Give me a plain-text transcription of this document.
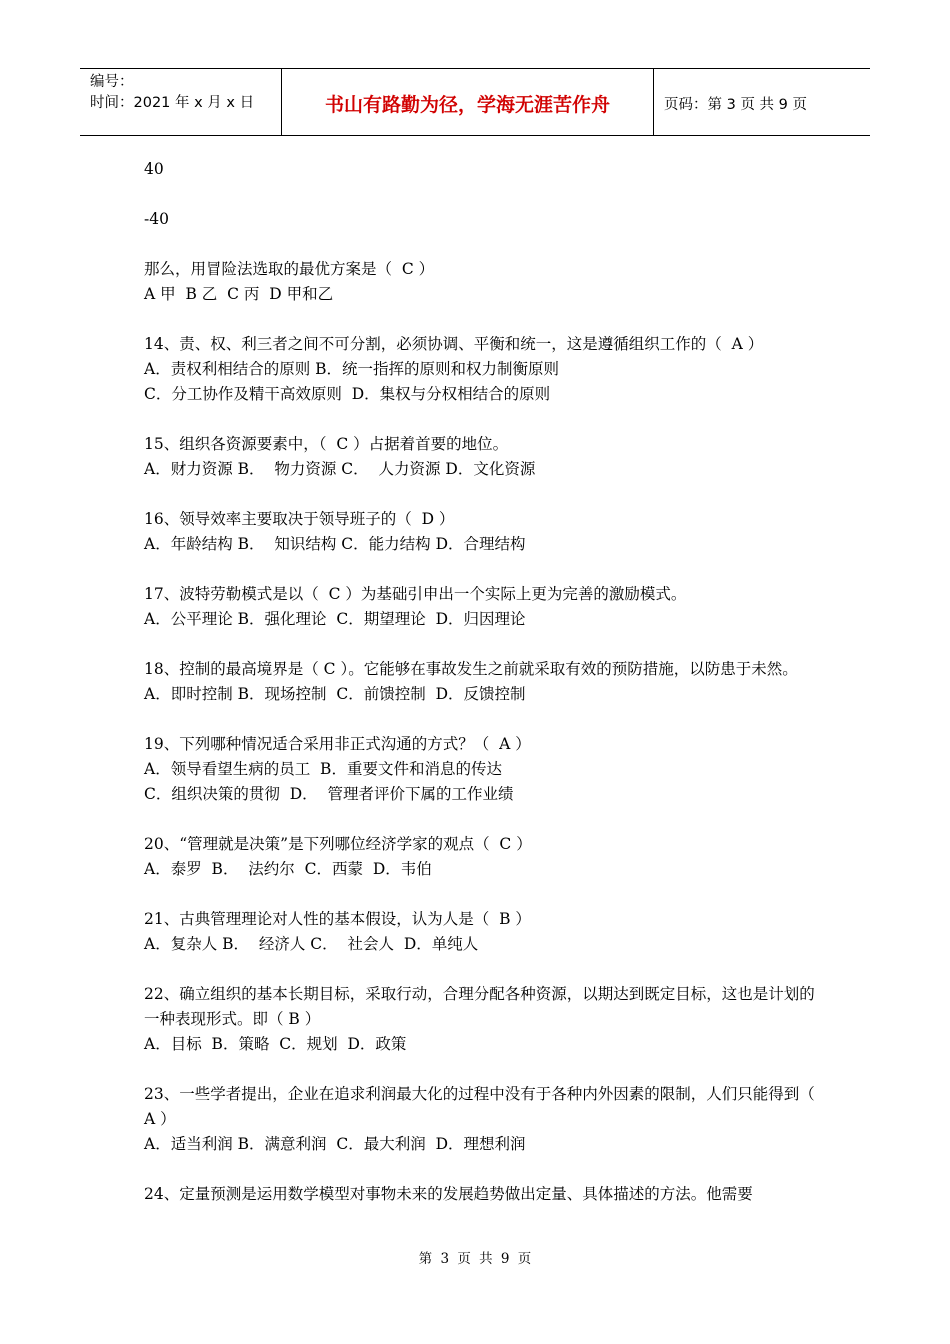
编号：
时间：2021 年 x 月 x 日	书山有路勤为径，学海无涯苦作舟	页码：第 3 页 共 9 页
40
-40
那么，用冒险法选取的最优方案是（  C ）
A 甲  B 乙  C 丙  D 甲和乙
14、责、权、利三者之间不可分割，必须协调、平衡和统一，这是遵循组织工作的（  A ）
A．责权利相结合的原则 B．统一指挥的原则和权力制衡原则
C．分工协作及精干高效原则  D．集权与分权相结合的原则
15、组织各资源要素中，（  C ）占据着首要的地位。
A．财力资源 B．  物力资源 C．  人力资源 D．文化资源
16、领导效率主要取决于领导班子的（  D ）
A．年龄结构 B．  知识结构 C．能力结构 D．合理结构
17、波特劳勒模式是以（  C ）为基础引申出一个实际上更为完善的激励模式。
A．公平理论 B．强化理论  C．期望理论  D．归因理论
18、控制的最高境界是（ C ）。它能够在事故发生之前就采取有效的预防措施，以防患于未然。
A．即时控制 B．现场控制  C．前馈控制  D．反馈控制
19、下列哪种情况适合采用非正式沟通的方式？（  A ）
A．领导看望生病的员工  B．重要文件和消息的传达
C．组织决策的贯彻  D．  管理者评价下属的工作业绩
20、“管理就是决策”是下列哪位经济学家的观点（  C ）
A．泰罗  B．  法约尔  C．西蒙  D．韦伯
21、古典管理理论对人性的基本假设，认为人是（  B ）
A．复杂人 B．  经济人 C．  社会人  D．单纯人
22、确立组织的基本长期目标，采取行动，合理分配各种资源，以期达到既定目标，这也是计划的一种表现形式。即（ B ）
A．目标  B．策略  C．规划  D．政策
23、一些学者提出，企业在追求利润最大化的过程中没有于各种内外因素的限制，人们只能得到（ A ）
A．适当利润 B．满意利润  C．最大利润  D．理想利润
24、定量预测是运用数学模型对事物未来的发展趋势做出定量、具体描述的方法。他需要
第 3 页 共 9 页
